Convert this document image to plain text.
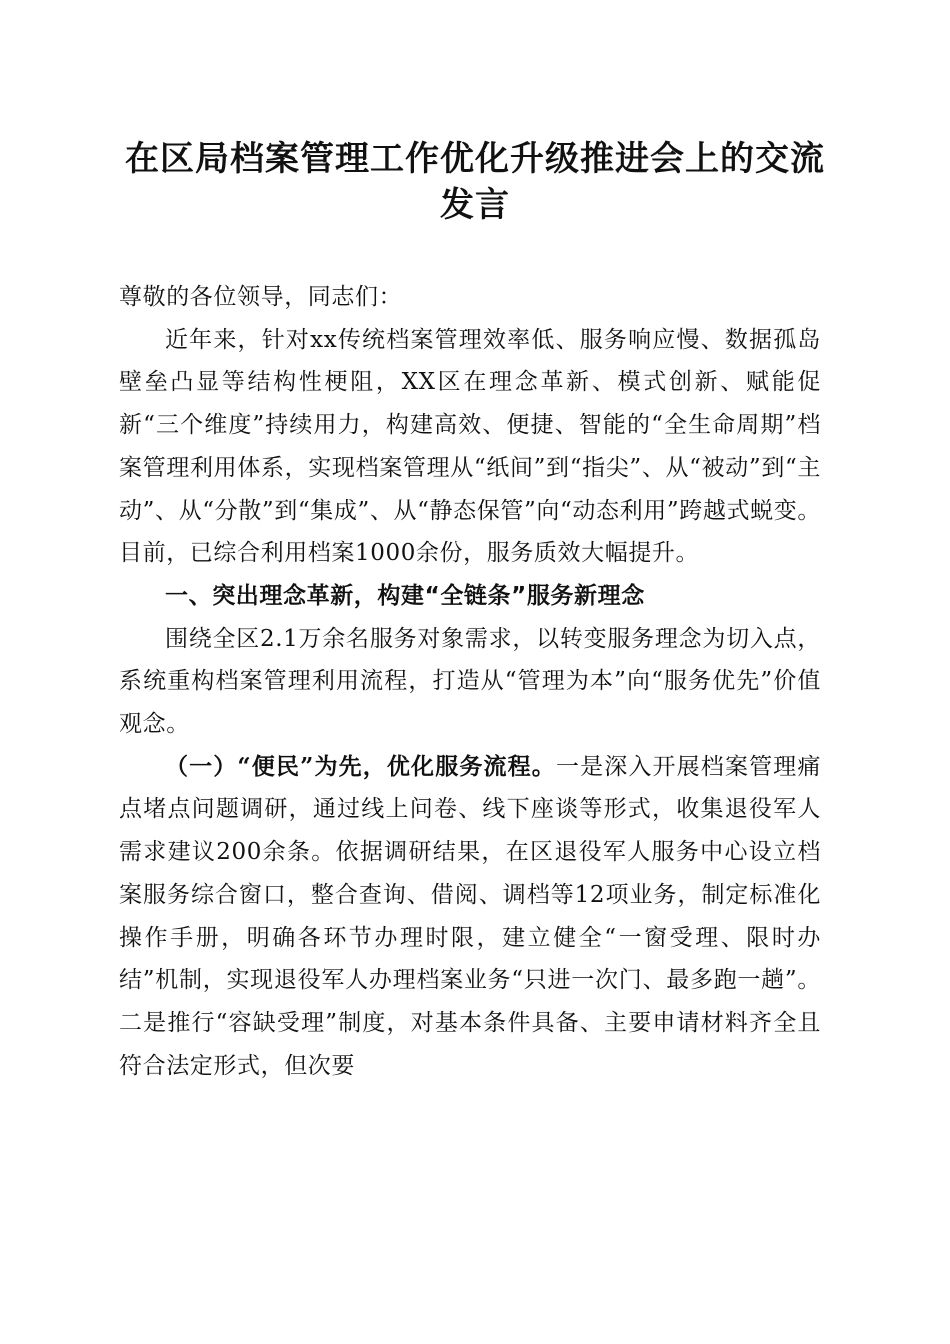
在区局档案管理工作优化升级推进会上的交流发言

尊敬的各位领导，同志们：

近年来，针对xx传统档案管理效率低、服务响应慢、数据孤岛壁垒凸显等结构性梗阻，XX区在理念革新、模式创新、赋能促新“三个维度”持续用力，构建高效、便捷、智能的“全生命周期”档案管理利用体系，实现档案管理从“纸间”到“指尖”、从“被动”到“主动”、从“分散”到“集成”、从“静态保管”向“动态利用”跨越式蜕变。目前，已综合利用档案1000余份，服务质效大幅提升。

一、突出理念革新，构建“全链条”服务新理念

围绕全区2.1万余名服务对象需求，以转变服务理念为切入点，系统重构档案管理利用流程，打造从“管理为本”向“服务优先”价值观念。

（一）“便民”为先，优化服务流程。一是深入开展档案管理痛点堵点问题调研，通过线上问卷、线下座谈等形式，收集退役军人需求建议200余条。依据调研结果，在区退役军人服务中心设立档案服务综合窗口，整合查询、借阅、调档等12项业务，制定标准化操作手册，明确各环节办理时限，建立健全“一窗受理、限时办结”机制，实现退役军人办理档案业务“只进一次门、最多跑一趟”。二是推行“容缺受理”制度，对基本条件具备、主要申请材料齐全且符合法定形式，但次要
